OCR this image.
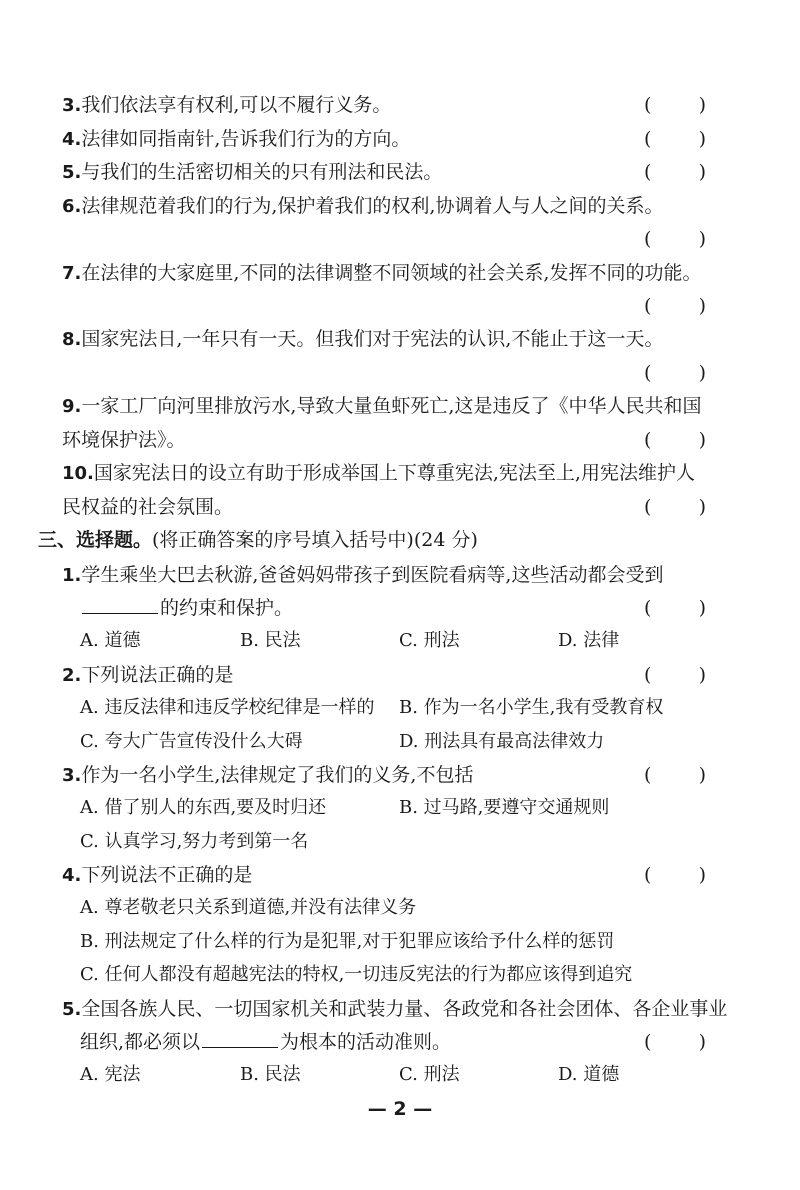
3.我们依法享有权利,可以不履行义务。	( )
4.法律如同指南针,告诉我们行为的方向。	( )
5.与我们的生活密切相关的只有刑法和民法。	( )
6.法律规范着我们的行为,保护着我们的权利,协调着人与人之间的关系。
( )
7.在法律的大家庭里,不同的法律调整不同领域的社会关系,发挥不同的功能。
( )
8.国家宪法日,一年只有一天。但我们对于宪法的认识,不能止于这一天。
( )
9.一家工厂向河里排放污水,导致大量鱼虾死亡,这是违反了《中华人民共和国
环境保护法》。	( )
10.国家宪法日的设立有助于形成举国上下尊重宪法,宪法至上,用宪法维护人
民权益的社会氛围。	( )
三、选择题。(将正确答案的序号填入括号中)(24 分)
1.学生乘坐大巴去秋游,爸爸妈妈带孩子到医院看病等,这些活动都会受到
的约束和保护。	( )
A. 道德	B. 民法	C. 刑法	D. 法律
2.下列说法正确的是	( )
A. 违反法律和违反学校纪律是一样的 B. 作为一名小学生,我有受教育权
C. 夸大广告宣传没什么大碍	D. 刑法具有最高法律效力
3.作为一名小学生,法律规定了我们的义务,不包括	( )
A. 借了别人的东西,要及时归还	B. 过马路,要遵守交通规则
C. 认真学习,努力考到第一名
4.下列说法不正确的是	( )
A. 尊老敬老只关系到道德,并没有法律义务
B. 刑法规定了什么样的行为是犯罪,对于犯罪应该给予什么样的惩罚
C. 任何人都没有超越宪法的特权,一切违反宪法的行为都应该得到追究
5.全国各族人民、一切国家机关和武装力量、各政党和各社会团体、各企业事业
组织,都必须以	为根本的活动准则。	( )
A. 宪法	B. 民法	C. 刑法	D. 道德
— 2 —
